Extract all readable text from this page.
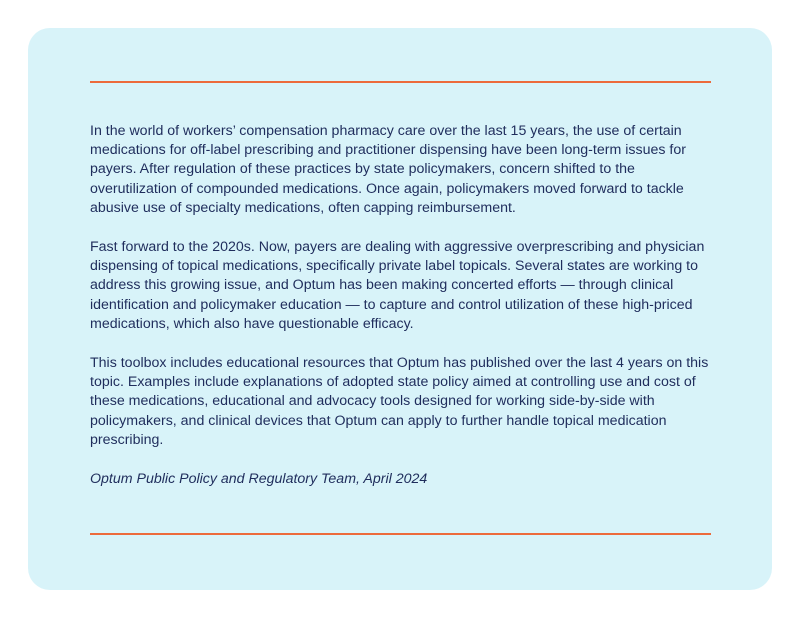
In the world of workers’ compensation pharmacy care over the last 15 years, the use of certain medications for off-label prescribing and practitioner dispensing have been long-term issues for payers. After regulation of these practices by state policymakers, concern shifted to the overutilization of compounded medications. Once again, policymakers moved forward to tackle abusive use of specialty medications, often capping reimbursement.

Fast forward to the 2020s. Now, payers are dealing with aggressive overprescribing and physician dispensing of topical medications, specifically private label topicals. Several states are working to address this growing issue, and Optum has been making concerted efforts — through clinical identification and policymaker education — to capture and control utilization of these high-priced medications, which also have questionable efficacy.

This toolbox includes educational resources that Optum has published over the last 4 years on this topic. Examples include explanations of adopted state policy aimed at controlling use and cost of these medications, educational and advocacy tools designed for working side-by-side with policymakers, and clinical devices that Optum can apply to further handle topical medication prescribing.

Optum Public Policy and Regulatory Team, April 2024
